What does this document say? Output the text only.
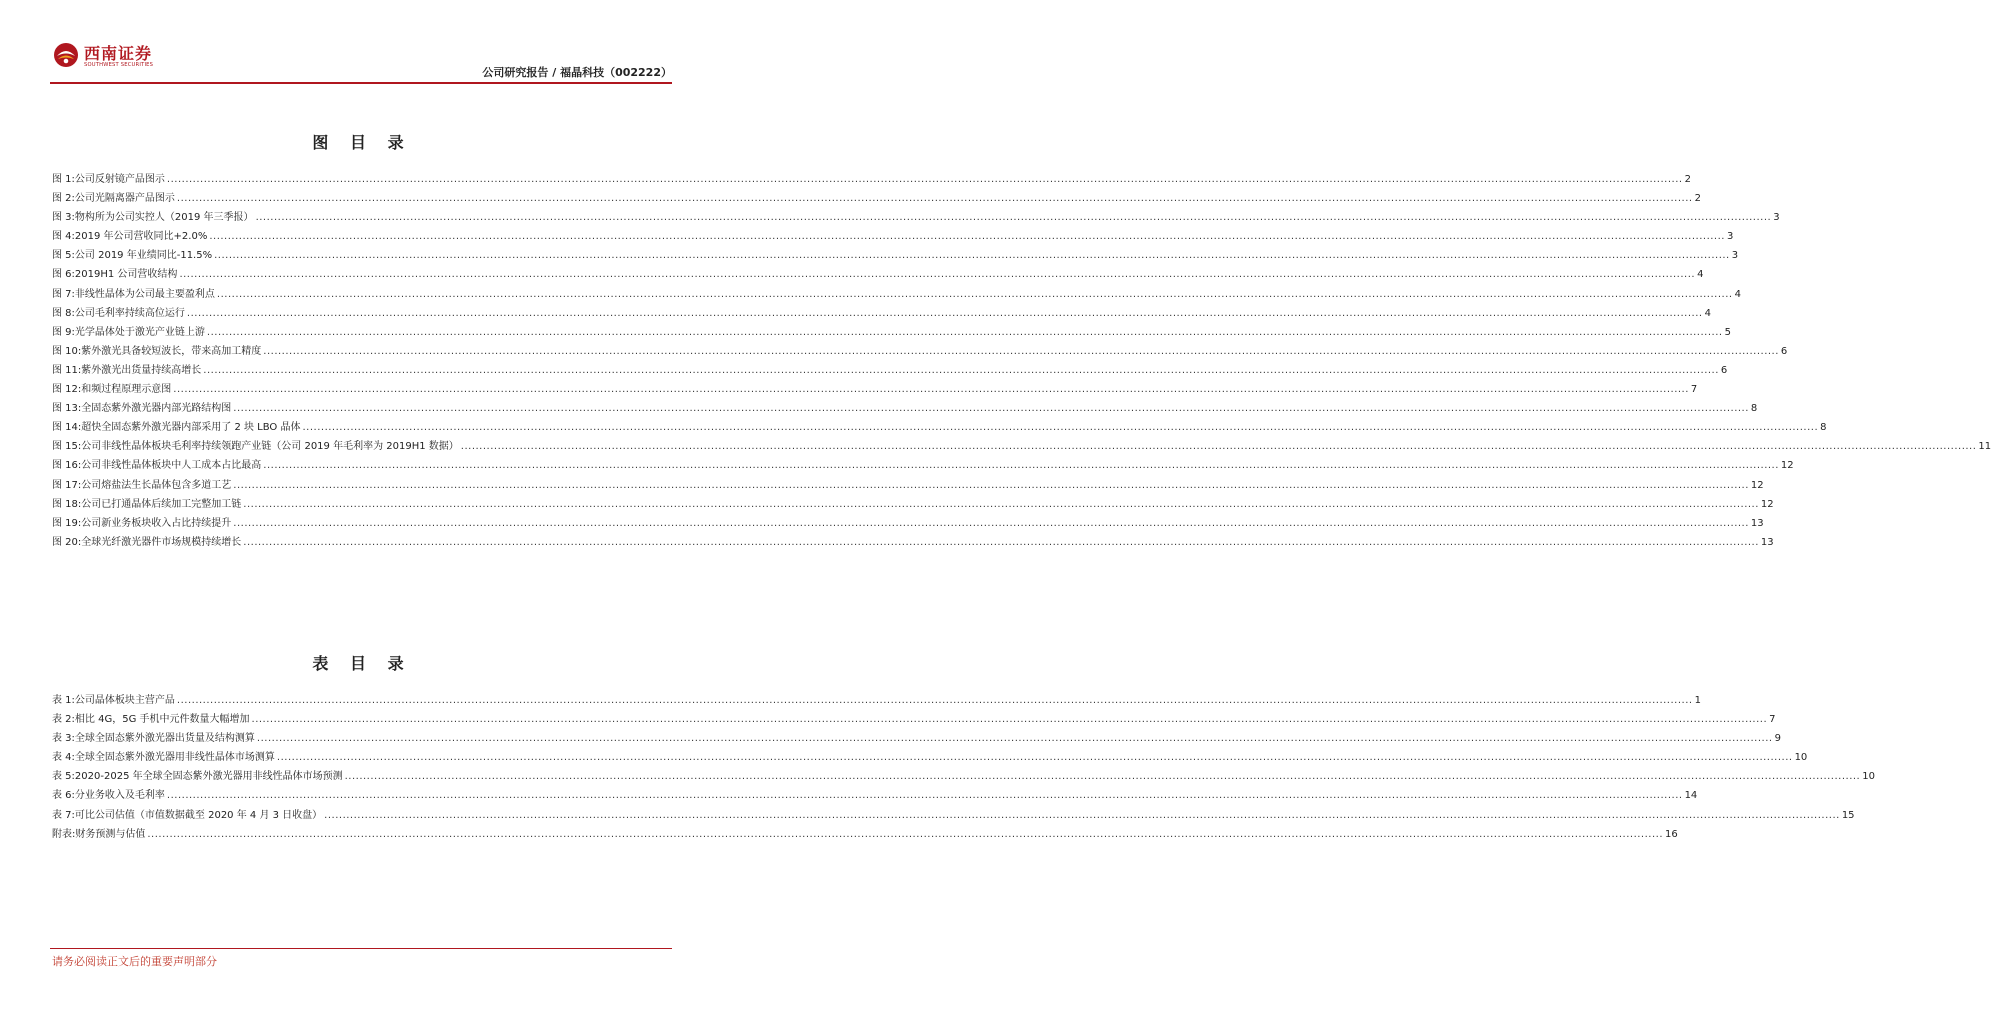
西南证券
SOUTHWEST SECURITIES
公司研究报告 / 福晶科技（002222）
图 目 录
图 1: 公司反射镜产品图示 .....	2
图 2: 公司光隔离器产品图示 .....	2
图 3: 物构所为公司实控人（2019 年三季报） .....	3
图 4: 2019 年公司营收同比+2.0% .....	3
图 5: 公司 2019 年业绩同比-11.5% .....	3
图 6: 2019H1 公司营收结构 .....	4
图 7: 非线性晶体为公司最主要盈利点 .....	4
图 8: 公司毛利率持续高位运行 .....	4
图 9: 光学晶体处于激光产业链上游 .....	5
图 10: 紫外激光具备较短波长，带来高加工精度 .....	6
图 11: 紫外激光出货量持续高增长 .....	6
图 12: 和频过程原理示意图 .....	7
图 13: 全固态紫外激光器内部光路结构图 .....	8
图 14: 超快全固态紫外激光器内部采用了 2 块 LBO 晶体 .....	8
图 15: 公司非线性晶体板块毛利率持续领跑产业链（公司 2019 年毛利率为 2019H1 数据） .....	11
图 16: 公司非线性晶体板块中人工成本占比最高 .....	12
图 17: 公司熔盐法生长晶体包含多道工艺 .....	12
图 18: 公司已打通晶体后续加工完整加工链 .....	12
图 19: 公司新业务板块收入占比持续提升 .....	13
图 20: 全球光纤激光器件市场规模持续增长 .....	13
表 目 录
表 1: 公司晶体板块主营产品 .....	1
表 2: 相比 4G，5G 手机中元件数量大幅增加 .....	7
表 3: 全球全固态紫外激光器出货量及结构测算 .....	9
表 4: 全球全固态紫外激光器用非线性晶体市场测算 .....	10
表 5: 2020-2025 年全球全固态紫外激光器用非线性晶体市场预测 .....	10
表 6: 分业务收入及毛利率 .....	14
表 7: 可比公司估值（市值数据截至 2020 年 4 月 3 日收盘） .....	15
附表: 财务预测与估值 .....	16
请务必阅读正文后的重要声明部分
